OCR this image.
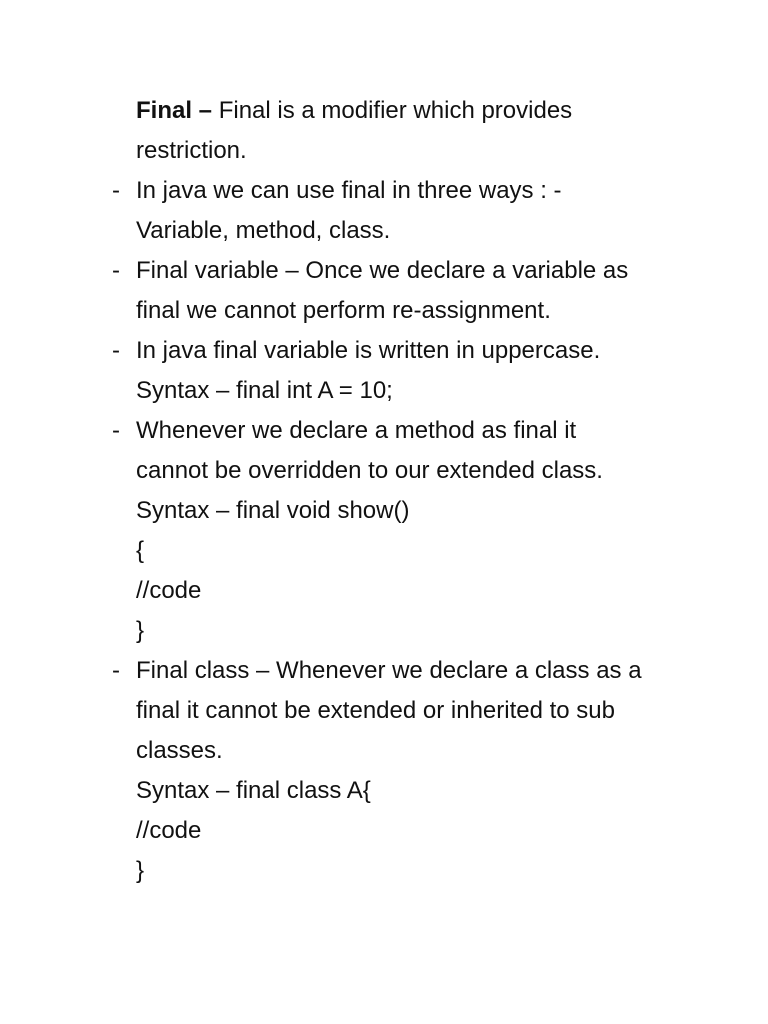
Final – Final is a modifier which provides
restriction.
- In java we can use final in three ways : -
Variable, method, class.
- Final variable – Once we declare a variable as
final we cannot perform re-assignment.
- In java final variable is written in uppercase.
Syntax – final int A = 10;
- Whenever we declare a method as final it
cannot be overridden to our extended class.
Syntax – final void show()
{
//code
}
- Final class – Whenever we declare a class as a
final it cannot be extended or inherited to sub
classes.
Syntax – final class A{
//code
}
